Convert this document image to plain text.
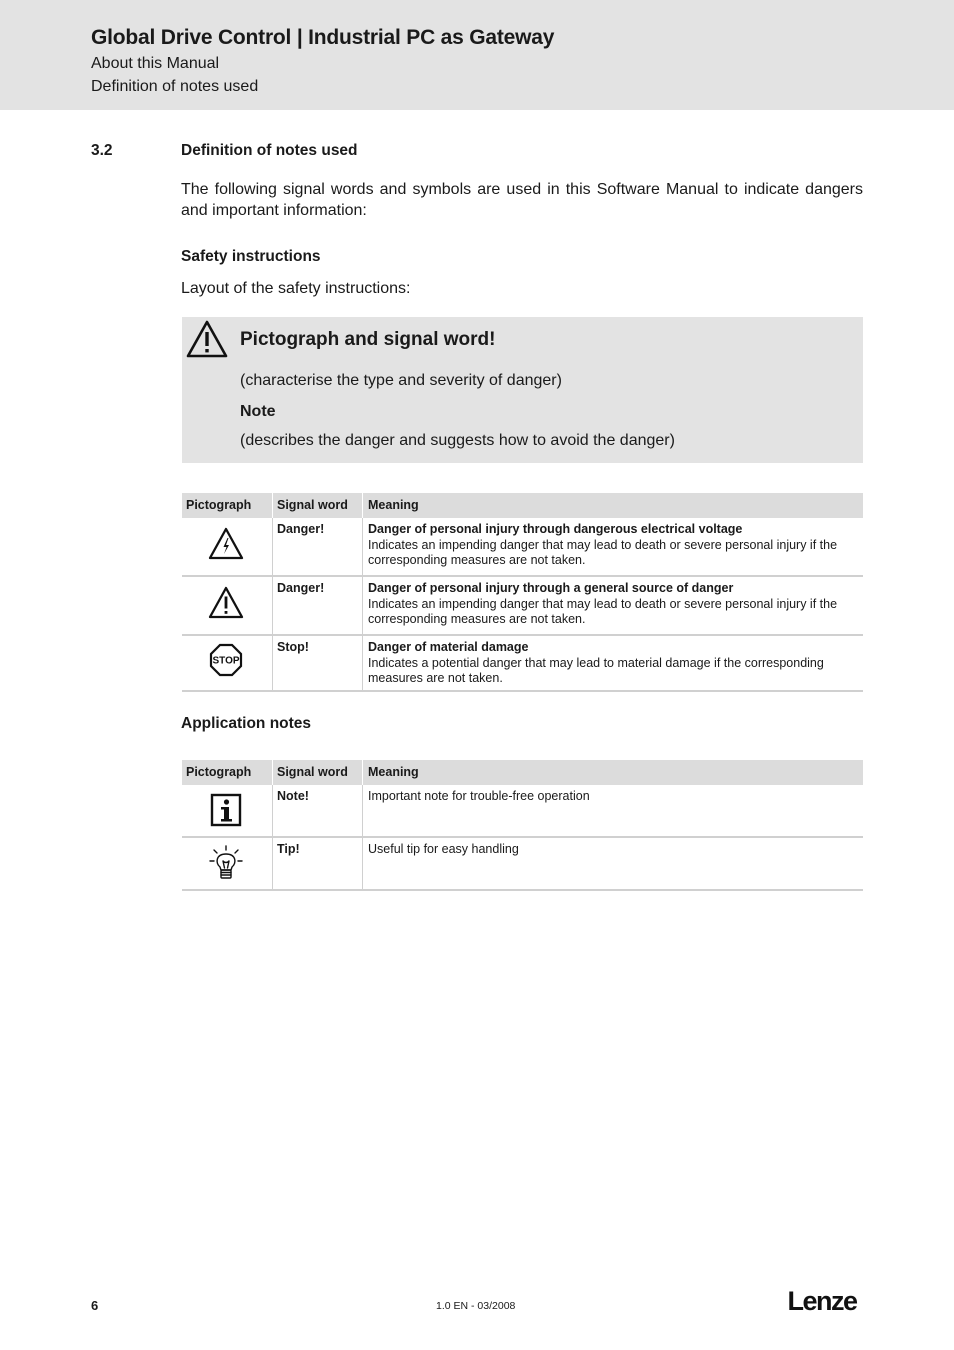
Global Drive Control | Industrial PC as Gateway
About this Manual
Definition of notes used
3.2	Definition of notes used
The following signal words and symbols are used in this Software Manual to indicate dangers and important information:
Safety instructions
Layout of the safety instructions:
Pictograph and signal word!
(characterise the type and severity of danger)
Note
(describes the danger and suggests how to avoid the danger)
Pictograph Signal word Meaning
Danger!	Danger of personal injury through dangerous electrical voltage
Indicates an impending danger that may lead to death or severe personal injury if the corresponding measures are not taken.
Danger!	Danger of personal injury through a general source of danger
Indicates an impending danger that may lead to death or severe personal injury if the corresponding measures are not taken.
STOP
Stop!	Danger of material damage
Indicates a potential danger that may lead to material damage if the corresponding measures are not taken.
Application notes
Pictograph Signal word Meaning
Note!	Important note for trouble-free operation
Tip!	Useful tip for easy handling
6	1.0 EN - 03/2008	Lenze
